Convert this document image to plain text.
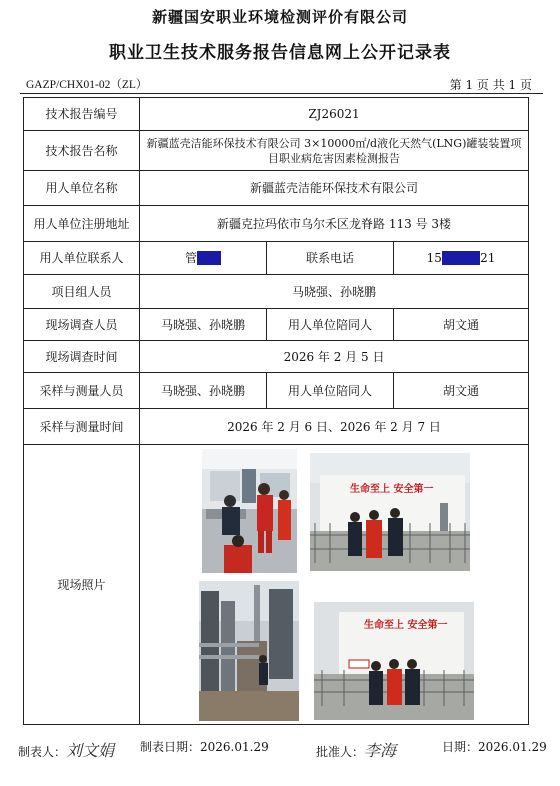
新疆国安职业环境检测评价有限公司
职业卫生技术服务报告信息网上公开记录表
GAZP/CHX01-02（ZL）	第 1 页 共 1 页
技术报告编号	ZJ26021		
技术报告名称	新疆蓝壳洁能环保技术有限公司 3×10000㎡/d液化天然气(LNG)罐装装置项
目职业病危害因素检测报告		

用人单位名称	新疆蓝壳洁能环保技术有限公司		
用人单位注册地址	新疆克拉玛依市乌尔禾区龙脊路 113 号 3楼		
用人单位联系人	管一一	联系电话	150000021
项目组人员	马晓强、孙晓鹏		
现场调查人员	马晓强、孙晓鹏	用人单位陪同人	胡文通
现场调查时间	2026 年 2 月 5 日		
采样与测量人员	马晓强、孙晓鹏	用人单位陪同人	胡文通
采样与测量时间	2026 年 2 月 6 日、2026 年 2 月 7 日		
现场照片	生命至上 安全第一
生命至上 安全第一		
制表人：刘文娟 制表日期：2026.01.29	批准人：李海	日期：2026.01.29
